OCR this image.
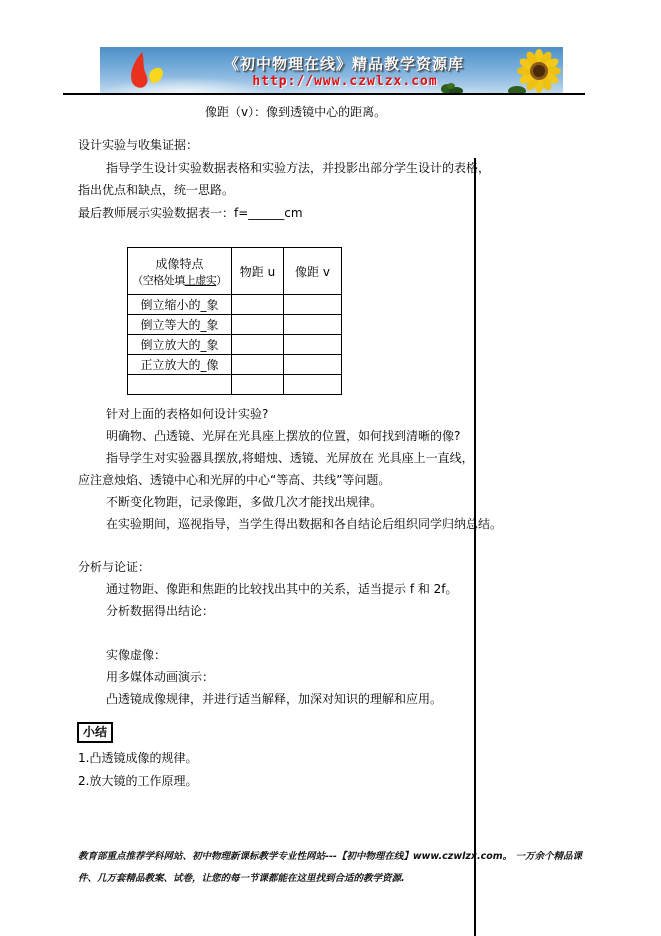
《初中物理在线》精品教学资源库
http://www.czwlzx.com
像距（v）：像到透镜中心的距离。
设计实验与收集证据：
指导学生设计实验数据表格和实验方法，并投影出部分学生设计的表格，
指出优点和缺点，统一思路。
最后教师展示实验数据表一：f=______cm
成像特点
（空格处填上虚实）	物距 u	像距 v
倒立缩小的_象		
倒立等大的_象		
倒立放大的_象		
正立放大的_像		

针对上面的表格如何设计实验?
明确物、凸透镜、光屏在光具座上摆放的位置，如何找到清晰的像?
指导学生对实验器具摆放,将蜡烛、透镜、光屏放在 光具座上一直线，
应注意烛焰、透镜中心和光屏的中心“等高、共线”等问题。
不断变化物距，记录像距，多做几次才能找出规律。
在实验期间，巡视指导，当学生得出数据和各自结论后组织同学归纳总结。
分析与论证：
通过物距、像距和焦距的比较找出其中的关系，适当提示 f 和 2f。
分析数据得出结论：
实像虚像：
用多媒体动画演示：
凸透镜成像规律，并进行适当解释，加深对知识的理解和应用。
小结
1.凸透镜成像的规律。
2.放大镜的工作原理。
教育部重点推荐学科网站、初中物理新课标教学专业性网站---【初中物理在线】www.czwlzx.com。 一万余个精品课件、几万套精品教案、试卷，让您的每一节课都能在这里找到合适的教学资源.
